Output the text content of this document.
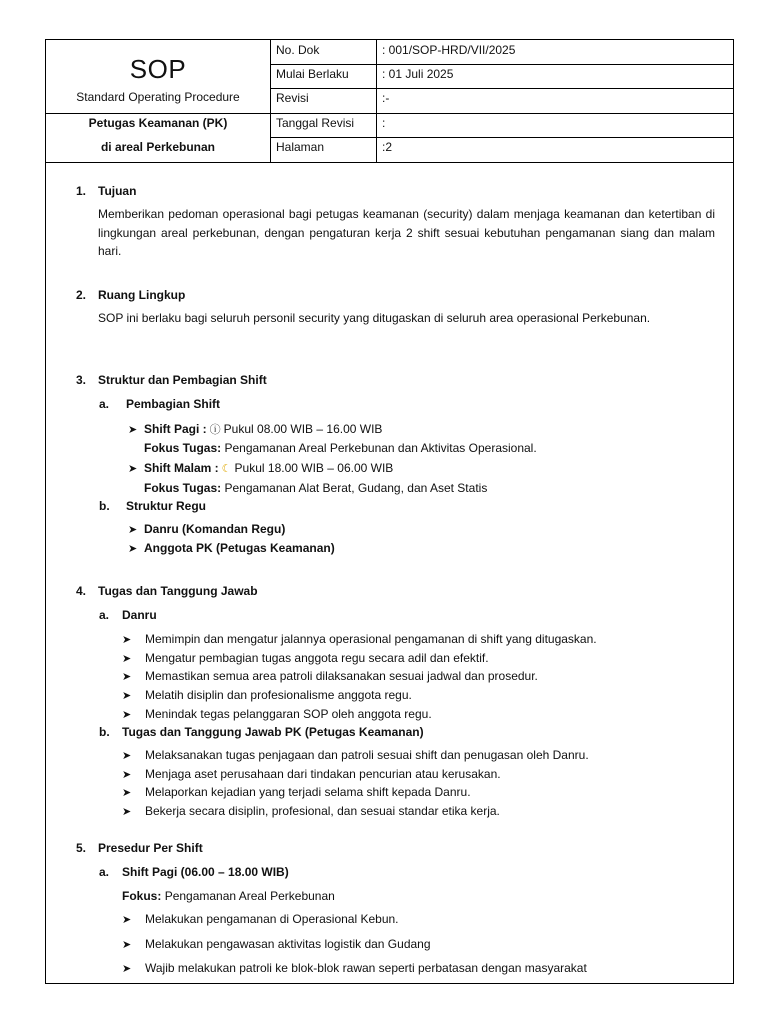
SOP
Standard Operating Procedure
Petugas Keamanan (PK)
di areal Perkebunan
No. Dok	: 001/SOP-HRD/VII/2025
Mulai Berlaku	: 01 Juli 2025
Revisi	:-
Tanggal Revisi :
Halaman	:2
1. Tujuan
Memberikan pedoman operasional bagi petugas keamanan (security) dalam menjaga keamanan dan ketertiban di lingkungan areal perkebunan, dengan pengaturan kerja 2 shift sesuai kebutuhan pengamanan siang dan malam hari.
2. Ruang Lingkup
SOP ini berlaku bagi seluruh personil security yang ditugaskan di seluruh area operasional Perkebunan.
3. Struktur dan Pembagian Shift
a. Pembagian Shift
➤ Shift Pagi : ⓘ Pukul 08.00 WIB – 16.00 WIB
Fokus Tugas: Pengamanan Areal Perkebunan dan Aktivitas Operasional.
➤ Shift Malam : ☾ Pukul 18.00 WIB – 06.00 WIB
Fokus Tugas: Pengamanan Alat Berat, Gudang, dan Aset Statis
b. Struktur Regu
➤ Danru (Komandan Regu)
➤ Anggota PK (Petugas Keamanan)
4. Tugas dan Tanggung Jawab
a. Danru
➤ Memimpin dan mengatur jalannya operasional pengamanan di shift yang ditugaskan.
➤ Mengatur pembagian tugas anggota regu secara adil dan efektif.
➤ Memastikan semua area patroli dilaksanakan sesuai jadwal dan prosedur.
➤ Melatih disiplin dan profesionalisme anggota regu.
➤ Menindak tegas pelanggaran SOP oleh anggota regu.
b. Tugas dan Tanggung Jawab PK (Petugas Keamanan)
➤ Melaksanakan tugas penjagaan dan patroli sesuai shift dan penugasan oleh Danru.
➤ Menjaga aset perusahaan dari tindakan pencurian atau kerusakan.
➤ Melaporkan kejadian yang terjadi selama shift kepada Danru.
➤ Bekerja secara disiplin, profesional, dan sesuai standar etika kerja.
5. Presedur Per Shift
a. Shift Pagi (06.00 – 18.00 WIB)
Fokus: Pengamanan Areal Perkebunan
➤ Melakukan pengamanan di Operasional Kebun.
➤ Melakukan pengawasan aktivitas logistik dan Gudang
➤ Wajib melakukan patroli ke blok-blok rawan seperti perbatasan dengan masyarakat
